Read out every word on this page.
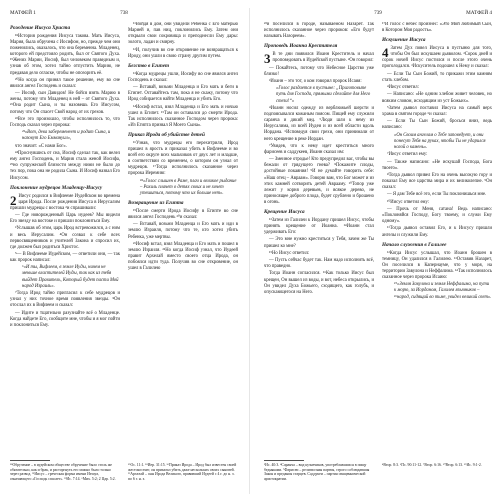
МАТФЕЙ 1	738
Рождение Иисуса Христа

¹⁸История рождения Иисуса такова. Мать Иисуса, Мария, была обручена с Иосифом, но, прежде чем они поженились, оказалось, что она беременна. Младенец, которого ей предстояло родить, был от Святого Духа. ¹⁹Жених Марии, Иосиф, был человеком праведным и, узнав об этом, хотел тайно отпустить Марию, не предавая дело огласке, чтобы не опозорить её.

²⁰Но когда он принял такое решение, ему во сне явился ангел Господень и сказал:

— Иосиф, сын Давидов! Не бойся взять Марию в жены, потому что Младенец в ней – от Святого Духа. ²¹Она родит Сына, и ты назовешь Его Иисусом, потому что Он спасет Свой народ от их грехов.

²²Все это произошло, чтобы исполнилось то, что Господь сказал через пророка:

²³«Вот, дева забеременеет и родит Сына, и назовут Его Еммануил»,

что значит: «С нами Бог».

²⁴Проснувшись от сна, Иосиф сделал так, как велел ему ангел Господень, и Мария стала женой Иосифа, ²⁵но супружеской близости между ними не было до тех пор, пока она не родила Сына. И Иосиф назвал Его Иисусом.

Поклонение мудрецов Младенцу-Иисусу

2 Иисус родился в Вифлееме Иудейском во времена царя Ирода. После рождения Иисуса в Иерусалим пришли мудрецы с востока ²и спрашивали:

— Где новорожденный Царь иудеев? Мы видели Его звезду на востоке и пришли поклониться Ему.

³Услышав об этом, царь Ирод встревожился, а с ним и весь Иерусалим. ⁴Он созвал к себе всех первосвященников и учителей Закона и спросил их, где должен был родиться Христос.

⁵— В Вифлееме Иудейском, — ответили они, — так как пророк написал:

⁶«И ты, Вифлеем, в земле Иуды, ничем не меньше властителей Иуды, так как из тебя выйдет Правитель, Который будет пасти Мой народ Израиль».

⁷Тогда Ирод тайно пригласил к себе мудрецов и узнал у них точное время появления звезды. ⁸Он отослал их в Вифлеем и сказал:

— Идите и тщательно разузнайте всё о Младенце. Когда найдете Его, сообщите мне, чтобы и я мог пойти и поклониться Ему.

¹¹Войдя в дом, они увидели Ребенка с Его матерью Марией и, пав ниц, поклонились Ему. Затем они открыли свои сокровища и преподнесли Ему дары: золото, ладан и смирну.

¹²И, получив во сне откровение не возвращаться к Ироду, они ушли в свою страну другим путем.

Бегство в Египет

¹³Когда мудрецы ушли, Иосифу во сне явился ангел Господень и сказал:

— Вставай, возьми Младенца и Его мать и беги в Египет. Оставайтесь там, пока я не скажу, потому что Ирод собирается найти Младенца и убить Его.

¹⁴Иосиф встал, взял Младенца и Его мать и ночью ушел в Египет. ¹⁵Там он оставался до смерти Ирода. Так исполнилось сказанное Господом через пророка: «Из Египта призвал Я Моего Сына».

Приказ Ирода об убийстве детей

¹⁶Узнав, что мудрецы его перехитрили, Ирод пришел в ярость и приказал убить в Вифлееме и во всей его округе всех мальчиков от двух лет и младше, в соответствии со временем, о котором он узнал от мудрецов. ¹⁷Тогда исполнилось сказанное через пророка Иеремию:

¹⁸«Голос слышен в Раме, плач и великое рыдание – Рахиль плачет о детях своих и не хочет утешиться, потому что их больше нет».

Возвращение из Египта

¹⁹После смерти Ирода Иосифу в Египте во сне явился ангел Господень ²⁰и сказал:

— Вставай, возьми Младенца и Его мать и иди в землю Израиля, потому что те, кто хотел убить Ребенка, уже мертвы.

²¹Иосиф встал, взял Младенца и Его мать и пошел в землю Израиля. ²²Но когда Иосиф узнал, что Иудеей правит Архелай вместо своего отца Ирода, он побоялся идти туда. Получив во сне откровение, он ушел в Галилею

¹⁸Обручение – в иудейском обществе обручение было столь же обязательно, как и брак, и расторгнуть его можно было только через развод. ²¹Иисус – греческая форма имени Иешуа, означающего «Господь спасает». ²³Ис. 7:14. ⁶Мих. 5:2; 2 Цар. 5:2.

¹⁵Ос. 11:1. ¹⁸Иер. 31:15. ¹⁶Приказ Ирода – Ирод был известен своей жестокостью; он приказал убить даже нескольких своих сыновей. ²²Архелай – сын Ирода Великого, правивший Иудеей с 4 г. до н. э. по 6 г. н. э.

739	МАТФЕЙ 4

²³и поселился в городе, называемом Назарет. Так исполнилось сказанное через пророков: «Его будут называть Назореем».

Проповедь Иоанна Крестителя

3 В те дни появился Иоанн Креститель и начал проповедовать в Иудейской пустыне. ²Он говорил:

— Покайтесь, потому что Небесное Царство уже близко!

³Иоанн – это тот, о ком говорил пророк Исаия:

«Голос раздается в пустыне: „Приготовьте путь для Господа, прямыми сделайте для Него стези!“»

⁴Иоанн носил одежду из верблюжьей шерсти и подпоясывался кожаным поясом. Пищей ему служили саранча и дикий мед. ⁵Люди шли к нему из Иерусалима, из всей Иудеи и из всей области вдоль Иордана. ⁶Исповедуя свои грехи, они принимали от него крещение в реке Иордан.

⁷Увидев, что к нему идет креститься много фарисеев и саддукеев, Иоанн сказал им:

— Змеиное отродье! Кто предупредил вас, чтобы вы бежали от грядущего гнева? ⁸Покажите плоды, достойные покаяния! ⁹И не думайте говорить себе: «Наш отец – Авраам». Говорю вам, что Бог может и из этих камней сотворить детей Аврааму. ¹⁰Топор уже лежит у корня деревьев, и всякое дерево, не приносящее доброго плода, будет срублено и брошено в огонь.

Крещение Иисуса

¹³Затем из Галилеи к Иордану пришел Иисус, чтобы принять крещение от Иоанна. ¹⁴Иоанн стал удерживать Его:

— Это мне нужно креститься у Тебя, зачем же Ты пришел ко мне?

¹⁵Но Иисус ответил:

— Пусть сейчас будет так. Нам надо исполнить всё, что праведно.

Тогда Иоанн согласился. ¹⁶Как только Иисус был крещен, Он вышел из воды, и вот, небеса открылись, и Он увидел Духа Божьего, сходящего, как голубь, и опускающегося на Него.

¹⁷И голос с небес произнес: «Это Мой любимый Сын, в Котором Моя радость».

Искушение Иисуса

4 Затем Дух повел Иисуса в пустыню для того, чтобы Он был искушаем дьяволом. ²Сорок дней и сорок ночей Иисус постился и после этого очень проголодался. ³Искуситель подошел к Нему и сказал:

— Если Ты Сын Божий, то прикажи этим камням стать хлебом.

⁴Иисус ответил:

— Написано: «Не одним хлебом живет человек, но всяким словом, исходящим из уст Божьих».

⁵Затем дьявол поставил Иисуса на самый верх храма в святом городе ⁶и сказал:

— Если Ты Сын Божий, бросься вниз, ведь написано:

«Он Своим ангелам о Тебе заповедует, и они понесут Тебя на руках, чтобы Ты не ударился ногой о камень».

⁷Иисус ответил ему:

— Также написано: «Не искушай Господа, Бога твоего».

⁸Тогда дьявол привел Его на очень высокую гору и показал Ему все царства мира и их великолепие. ⁹Он сказал:

— Я дам Тебе всё это, если Ты поклонишься мне.

¹⁰Иисус ответил ему:

— Прочь от Меня, сатана! Ведь написано: «Поклоняйся Господу, Богу твоему, и служи Ему одному».

¹¹Тогда дьявол оставил Его, и к Иисусу пришли ангелы и служили Ему.

Начало служения в Галилее

¹²Когда Иисус услышал, что Иоанн брошен в темницу, Он удалился в Галилею. ¹³Оставив Назарет, Он поселился в Капернауме, что у моря, на территории Завулона и Неффалима. ¹⁴Так исполнилось сказанное через пророка Исаию:

¹⁵«Земля Завулона и земля Неффалима, на пути к морю, за Иорданом, Галилея язычников – ¹⁶народ, сидящий во тьме, увидел великий свет».

³Ис. 40:3. ⁴Саранча – вид кузнечиков, употреблявшихся в пищу бедняками. ⁷Фарисеи – религиозная партия, строго соблюдавшая Закон и предания старцев. Саддукеи – партия священнической аристократии.

⁴Втор. 8:3. ⁶Пс. 90:11-12. ⁷Втор. 6:16. ¹⁰Втор. 6:13. ¹⁵Ис. 9:1-2.
